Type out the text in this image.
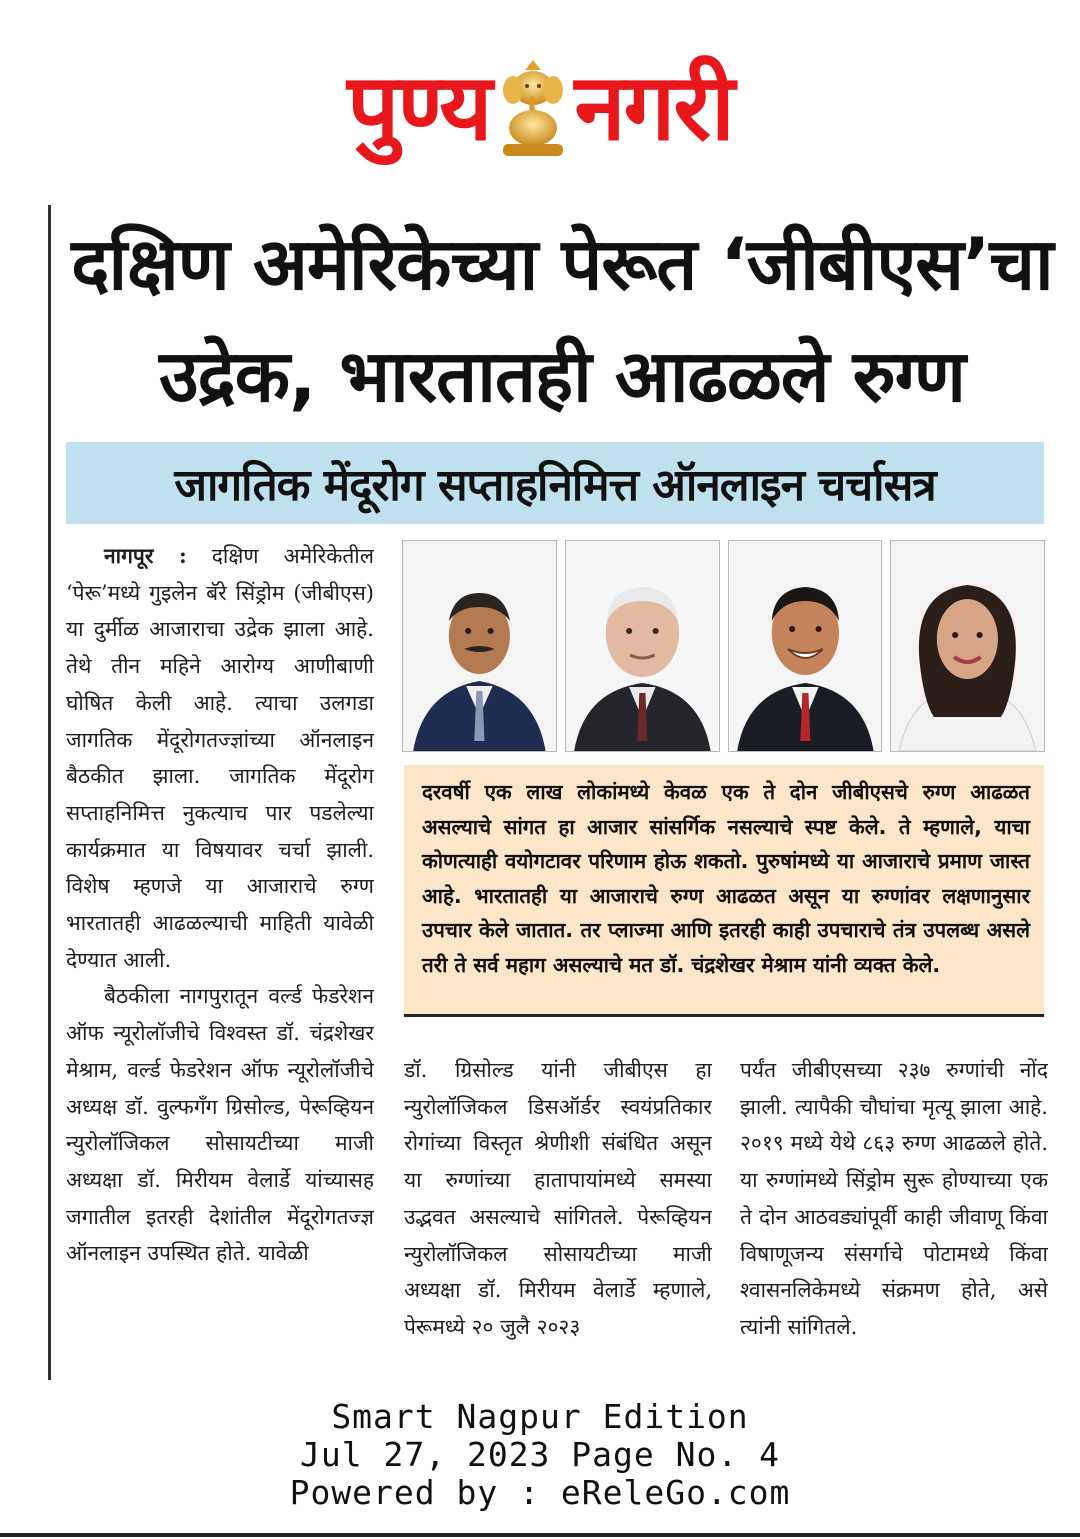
पुण्य नगरी
दक्षिण अमेरिकेच्या पेरूत ‘जीबीएस’चा
उद्रेक, भारतातही आढळले रुग्ण
जागतिक मेंदूरोग सप्ताहनिमित्त ऑनलाइन चर्चासत्र

नागपूर : दक्षिण अमेरिकेतील ‘पेरू’मध्ये गुइलेन बॅरे सिंड्रोम (जीबीएस) या दुर्मीळ आजाराचा उद्रेक झाला आहे. तेथे तीन महिने आरोग्य आणीबाणी घोषित केली आहे. त्याचा उलगडा जागतिक मेंदूरोगतज्ज्ञांच्या ऑनलाइन बैठकीत झाला. जागतिक मेंदूरोग सप्ताहनिमित्त नुकत्याच पार पडलेल्या कार्यक्रमात या विषयावर चर्चा झाली. विशेष म्हणजे या आजाराचे रुग्ण भारतातही आढळल्याची माहिती यावेळी देण्यात आली.

बैठकीला नागपुरातून वर्ल्ड फेडरेशन ऑफ न्यूरोलॉजीचे विश्वस्त डॉ. चंद्रशेखर मेश्राम, वर्ल्ड फेडरेशन ऑफ न्यूरोलॉजीचे अध्यक्ष डॉ. वुल्फगँग ग्रिसोल्ड, पेरूव्हियन न्युरोलॉजिकल सोसायटीच्या माजी अध्यक्षा डॉ. मिरीयम वेलार्डे यांच्यासह जगातील इतरही देशांतील मेंदूरोगतज्ज्ञ ऑनलाइन उपस्थित होते. यावेळी

दरवर्षी एक लाख लोकांमध्ये केवळ एक ते दोन जीबीएसचे रुग्ण आढळत असल्याचे सांगत हा आजार सांसर्गिक नसल्याचे स्पष्ट केले. ते म्हणाले, याचा कोणत्याही वयोगटावर परिणाम होऊ शकतो. पुरुषांमध्ये या आजाराचे प्रमाण जास्त आहे. भारतातही या आजाराचे रुग्ण आढळत असून या रुग्णांवर लक्षणानुसार उपचार केले जातात. तर प्लाज्मा आणि इतरही काही उपचाराचे तंत्र उपलब्ध असले तरी ते सर्व महाग असल्याचे मत डॉ. चंद्रशेखर मेश्राम यांनी व्यक्त केले.

डॉ. ग्रिसोल्ड यांनी जीबीएस हा न्युरोलॉजिकल डिसऑर्डर स्वयंप्रतिकार रोगांच्या विस्तृत श्रेणीशी संबंधित असून या रुग्णांच्या हातापायांमध्ये समस्या उद्भवत असल्याचे सांगितले. पेरूव्हियन न्युरोलॉजिकल सोसायटीच्या माजी अध्यक्षा डॉ. मिरीयम वेलार्डे म्हणाले, पेरूमध्ये २० जुलै २०२३

पर्यंत जीबीएसच्या २३७ रुग्णांची नोंद झाली. त्यापैकी चौघांचा मृत्यू झाला आहे. २०१९ मध्ये येथे ८६३ रुग्ण आढळले होते. या रुग्णांमध्ये सिंड्रोम सुरू होण्याच्या एक ते दोन आठवड्यांपूर्वी काही जीवाणू किंवा विषाणूजन्य संसर्गाचे पोटामध्ये किंवा श्वासनलिकेमध्ये संक्रमण होते, असे त्यांनी सांगितले.

Smart Nagpur Edition
Jul 27, 2023 Page No. 4
Powered by : eReleGo.com
